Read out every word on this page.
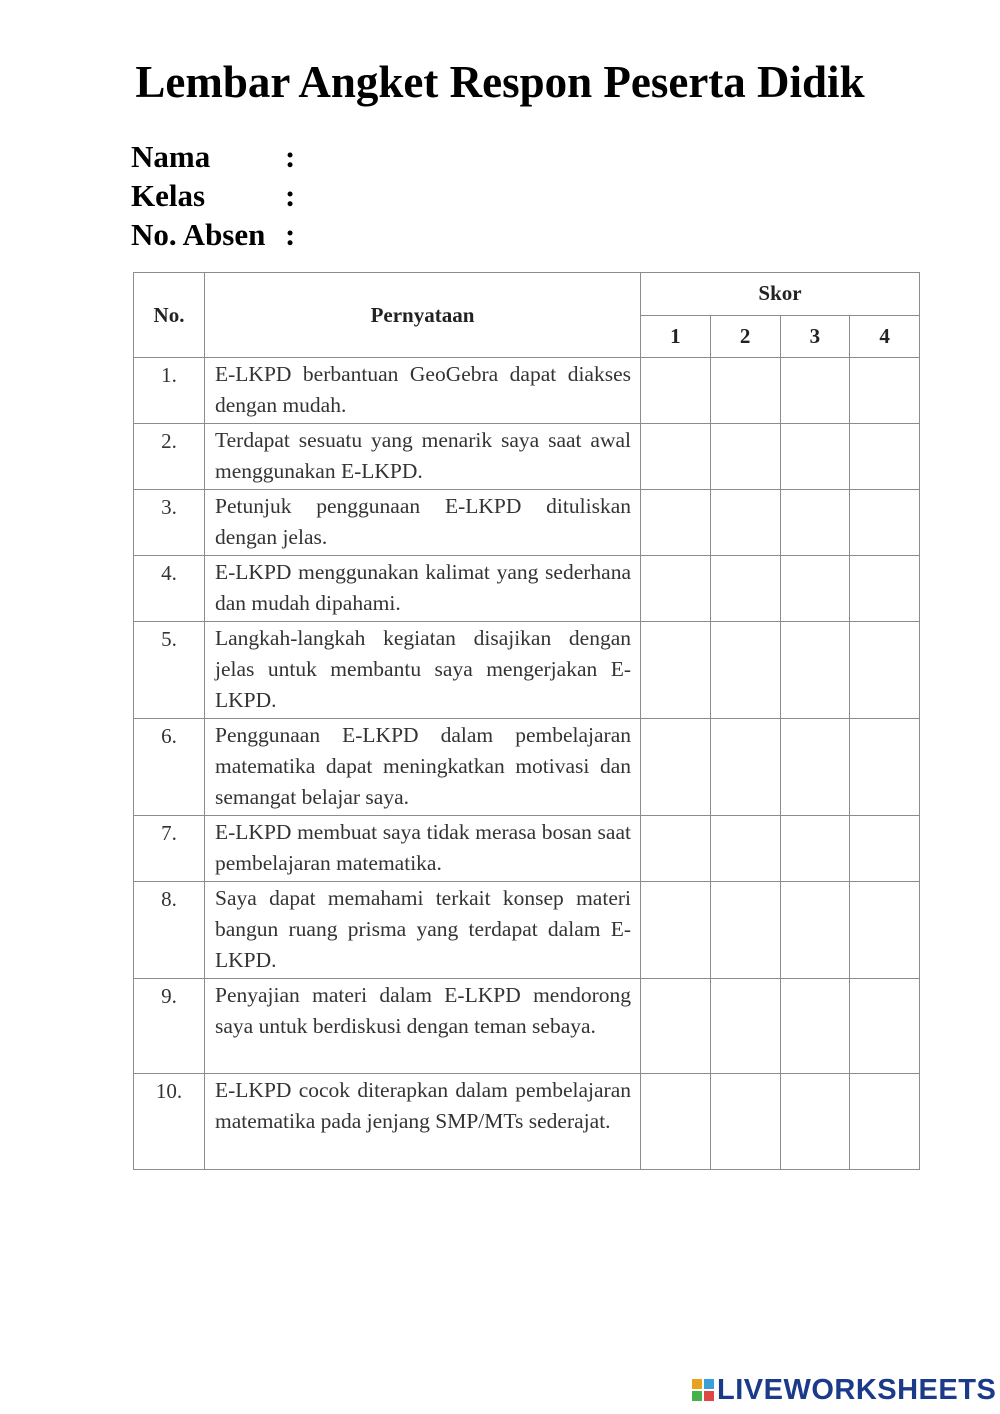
Lembar Angket Respon Peserta Didik
Nama	:
Kelas	:
No. Absen :
No.	Pernyataan	Skor			
		1	2	3	4
1.	E-LKPD berbantuan GeoGebra dapat diakses dengan mudah.				
2.	Terdapat sesuatu yang menarik saya saat awal menggunakan E-LKPD.				
3.	Petunjuk penggunaan E-LKPD dituliskan dengan jelas.				
4.	E-LKPD menggunakan kalimat yang sederhana dan mudah dipahami.				
5.	Langkah-langkah kegiatan disajikan dengan jelas untuk membantu saya mengerjakan E-LKPD.				
6.	Penggunaan E-LKPD dalam pembelajaran matematika dapat meningkatkan motivasi dan semangat belajar saya.				
7.	E-LKPD membuat saya tidak merasa bosan saat pembelajaran matematika.				
8.	Saya dapat memahami terkait konsep materi bangun ruang prisma yang terdapat dalam E-LKPD.				
9.	Penyajian materi dalam E-LKPD mendorong saya untuk berdiskusi dengan teman sebaya.				
10.	E-LKPD cocok diterapkan dalam pembelajaran matematika pada jenjang SMP/MTs sederajat.				
LIVEWORKSHEETS
